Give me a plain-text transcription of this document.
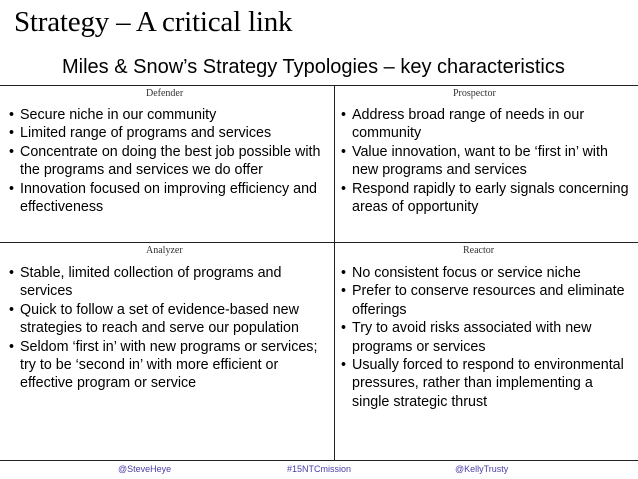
Strategy – A critical link
Miles & Snow’s Strategy Typologies – key characteristics
Defender
• Secure niche in our community
• Limited range of programs and services
• Concentrate on doing the best job possible with the programs and services we do offer
• Innovation focused on improving efficiency and effectiveness
Prospector
• Address broad range of needs in our community
• Value innovation, want to be ‘first in’ with new programs and services
• Respond rapidly to early signals concerning areas of opportunity
Analyzer
• Stable, limited collection of programs and services
• Quick to follow a set of evidence-based new strategies to reach and serve our population
• Seldom ‘first in’ with new programs or services; try to be ‘second in’ with more efficient or effective program or service
Reactor
• No consistent focus or service niche
• Prefer to conserve resources and eliminate offerings
• Try to avoid risks associated with new programs or services
• Usually forced to respond to environmental pressures, rather than implementing a single strategic thrust
@SteveHeye	#15NTCmission	@KellyTrusty
